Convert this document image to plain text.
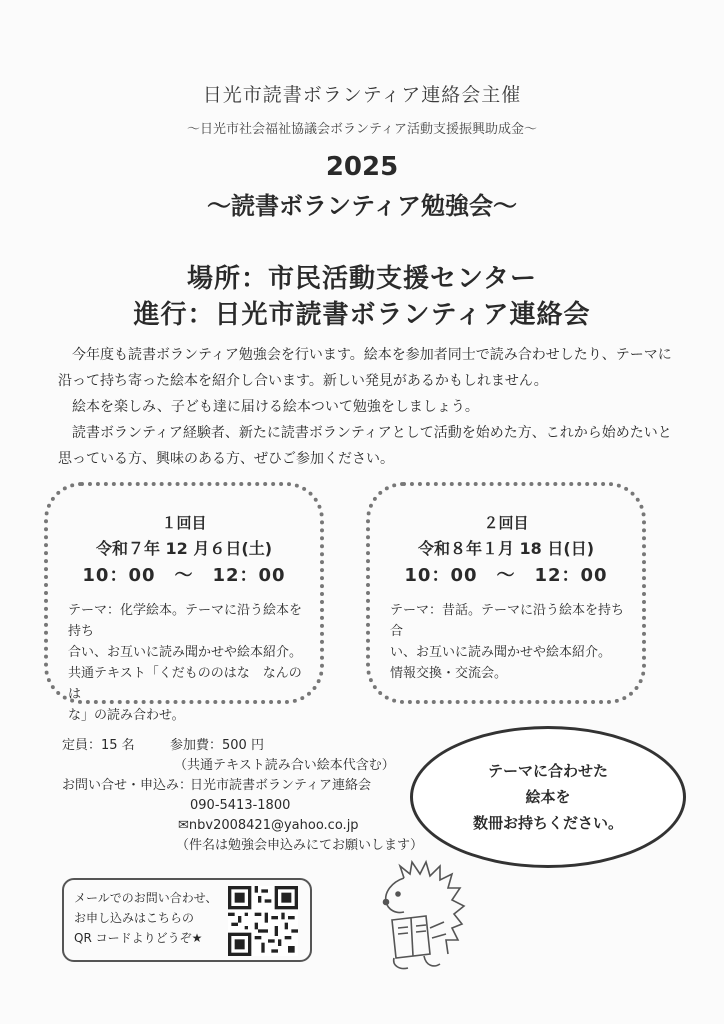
日光市読書ボランティア連絡会主催
～日光市社会福祉協議会ボランティア活動支援振興助成金～
2025
～読書ボランティア勉強会～
場所：市民活動支援センター
進行：日光市読書ボランティア連絡会

今年度も読書ボランティア勉強会を行います。絵本を参加者同士で読み合わせしたり、テーマに沿って持ち寄った絵本を紹介し合います。新しい発見があるかもしれません。

絵本を楽しみ、子ども達に届ける絵本ついて勉強をしましょう。

読書ボランティア経験者、新たに読書ボランティアとして活動を始めた方、これから始めたいと思っている方、興味のある方、ぜひご参加ください。

１回目
令和７年 12 月６日(土)
10：00　～　12：00
テーマ：化学絵本。テーマに沿う絵本を持ち
合い、お互いに読み聞かせや絵本紹介。
共通テキスト「くだもののはな　なんのは
な」の読み合わせ。
２回目
令和８年１月 18 日(日)
10：00　～　12：00
テーマ：昔話。テーマに沿う絵本を持ち合
い、お互いに読み聞かせや絵本紹介。
情報交換・交流会。
定員：15 名	参加費：500 円
（共通テキスト読み合い絵本代含む）
お問い合せ・申込み：
日光市読書ボランティア連絡会
090-5413-1800
✉nbv2008421@yahoo.co.jp
（件名は勉強会申込みにてお願いします）
テーマに合わせた
絵本を
数冊お持ちください。
メールでのお問い合わせ、
お申し込みはこちらの
QR コードよりどうぞ★
